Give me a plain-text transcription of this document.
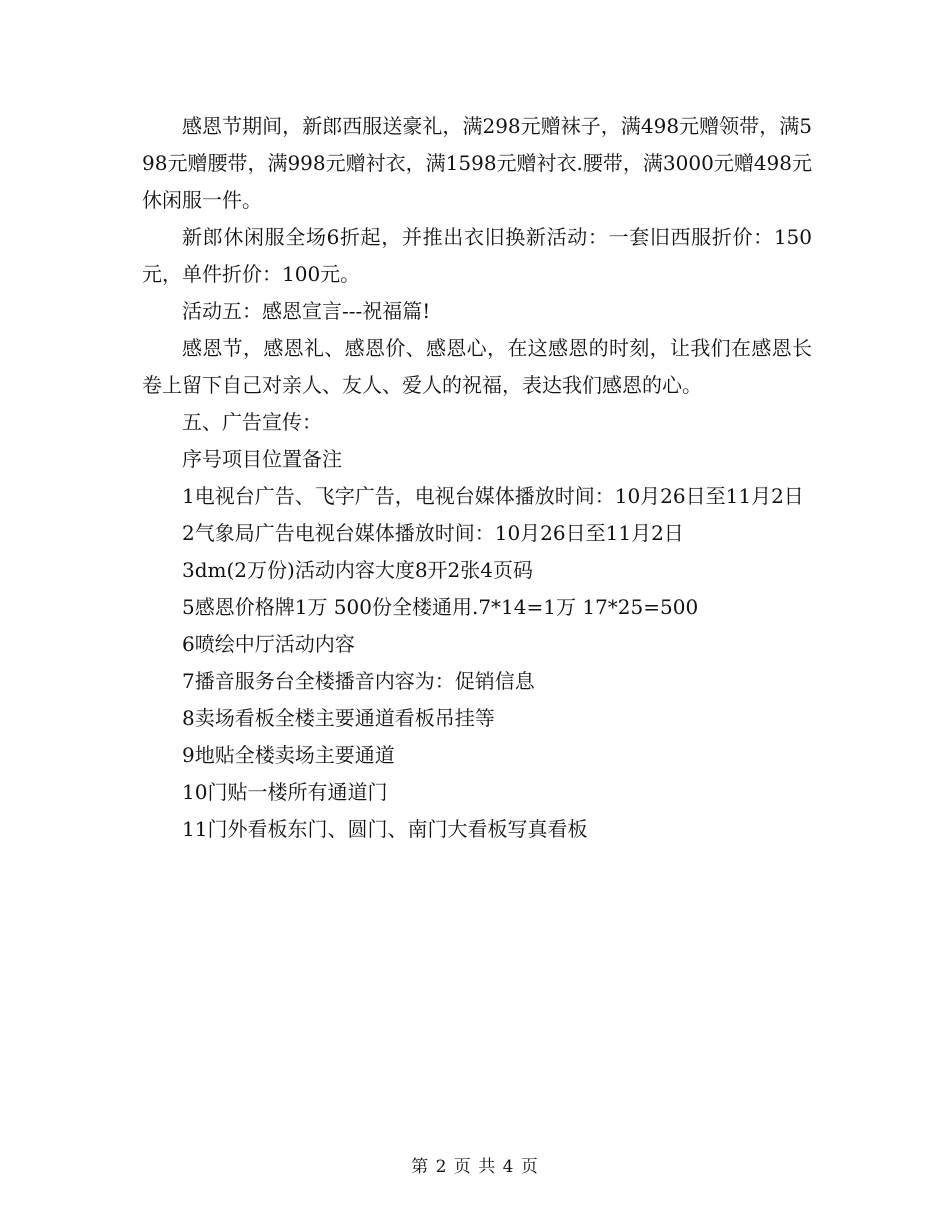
感恩节期间，新郎西服送豪礼，满298元赠袜子，满498元赠领带，满598元赠腰带，满998元赠衬衣，满1598元赠衬衣.腰带，满3000元赠498元休闲服一件。

新郎休闲服全场6折起，并推出衣旧换新活动：一套旧西服折价：150元，单件折价：100元。

活动五：感恩宣言---祝福篇!

感恩节，感恩礼、感恩价、感恩心，在这感恩的时刻，让我们在感恩长卷上留下自己对亲人、友人、爱人的祝福，表达我们感恩的心。

五、广告宣传：

序号项目位置备注

1电视台广告、飞字广告，电视台媒体播放时间：10月26日至11月2日

2气象局广告电视台媒体播放时间：10月26日至11月2日

3dm(2万份)活动内容大度8开2张4页码

5感恩价格牌1万 500份全楼通用.7*14=1万 17*25=500

6喷绘中厅活动内容

7播音服务台全楼播音内容为：促销信息

8卖场看板全楼主要通道看板吊挂等

9地贴全楼卖场主要通道

10门贴一楼所有通道门

11门外看板东门、圆门、南门大看板写真看板

第 2 页 共 4 页
